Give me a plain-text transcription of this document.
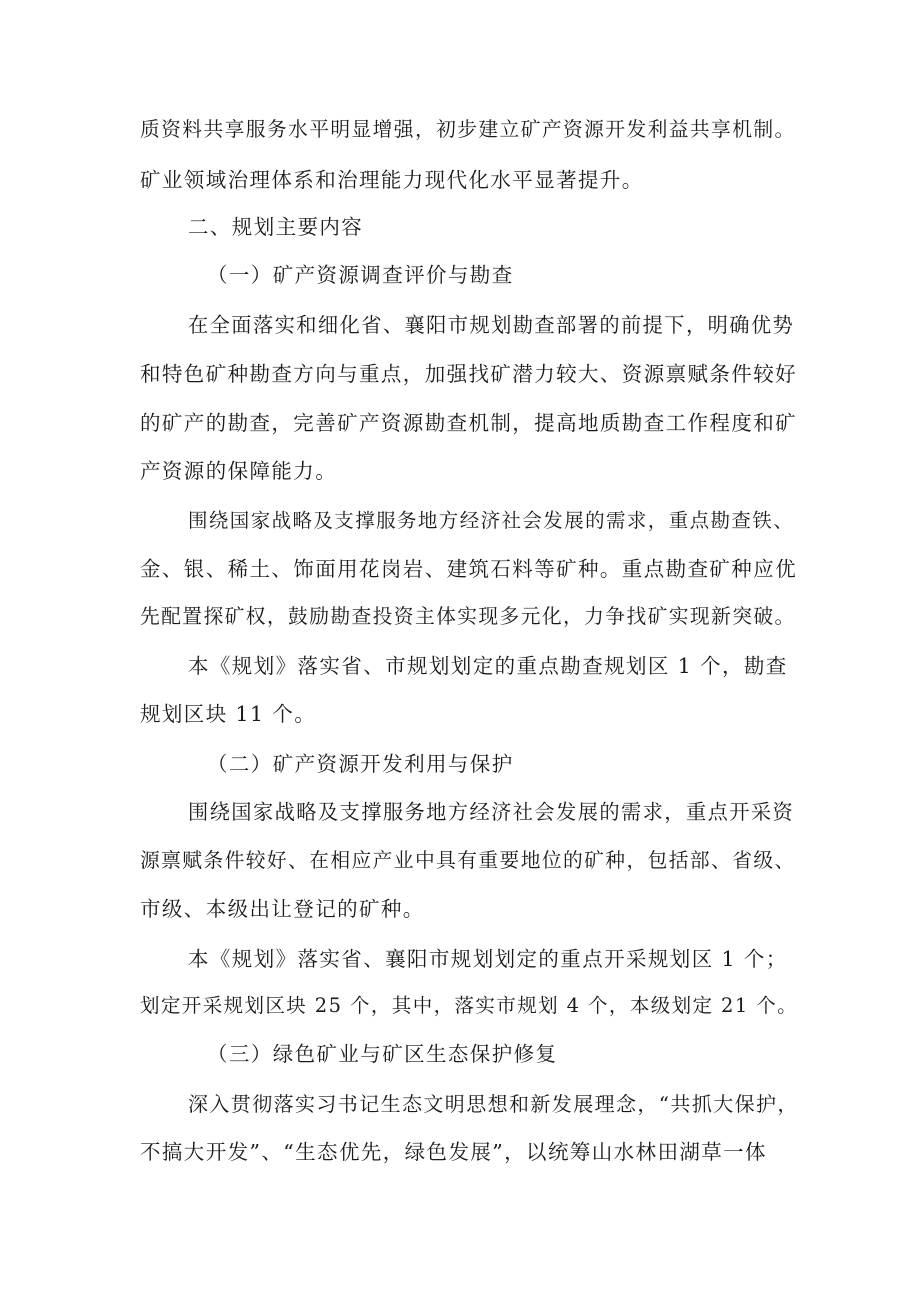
质资料共享服务水平明显增强，初步建立矿产资源开发利益共享机制。
矿业领域治理体系和治理能力现代化水平显著提升。
二、规划主要内容
（一）矿产资源调查评价与勘查
在全面落实和细化省、襄阳市规划勘查部署的前提下，明确优势
和特色矿种勘查方向与重点，加强找矿潜力较大、资源禀赋条件较好
的矿产的勘查，完善矿产资源勘查机制，提高地质勘查工作程度和矿
产资源的保障能力。
围绕国家战略及支撑服务地方经济社会发展的需求，重点勘查铁、
金、银、稀土、饰面用花岗岩、建筑石料等矿种。重点勘查矿种应优
先配置探矿权，鼓励勘查投资主体实现多元化，力争找矿实现新突破。
本《规划》落实省、市规划划定的重点勘查规划区 1 个，勘查
规划区块 11 个。
（二）矿产资源开发利用与保护
围绕国家战略及支撑服务地方经济社会发展的需求，重点开采资
源禀赋条件较好、在相应产业中具有重要地位的矿种，包括部、省级、
市级、本级出让登记的矿种。
本《规划》落实省、襄阳市规划划定的重点开采规划区 1 个；
划定开采规划区块 25 个，其中，落实市规划 4 个，本级划定 21 个。
（三）绿色矿业与矿区生态保护修复
深入贯彻落实习书记生态文明思想和新发展理念，“共抓大保护，
不搞大开发”、“生态优先，绿色发展”，以统筹山水林田湖草一体
